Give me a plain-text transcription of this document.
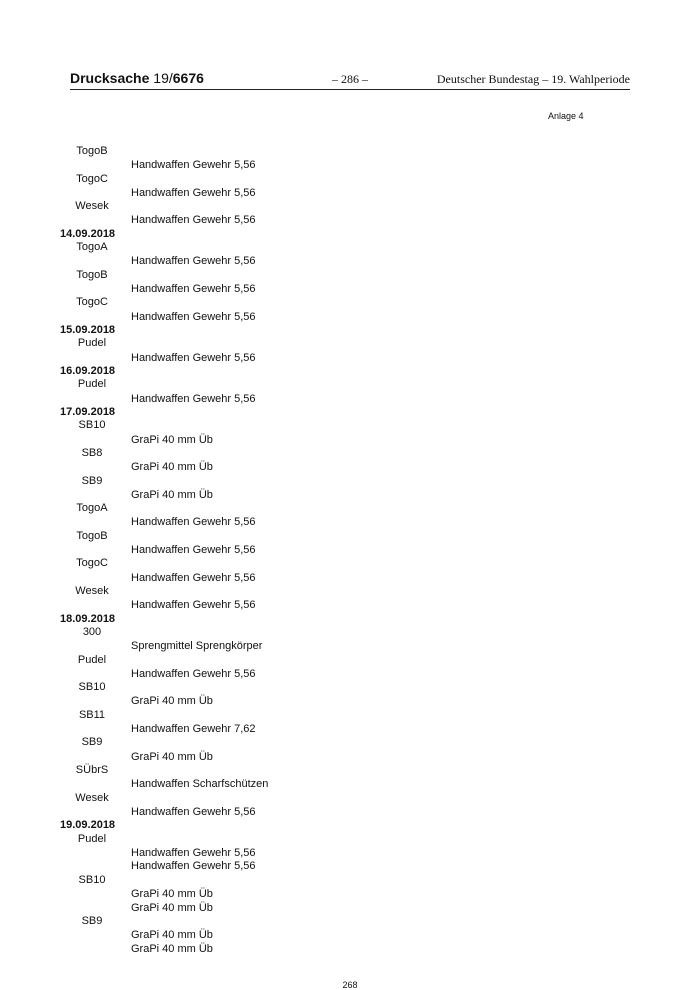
Drucksache 19/6676	– 286 –	Deutscher Bundestag – 19. Wahlperiode
Anlage 4
TogoB
Handwaffen Gewehr 5,56
TogoC
Handwaffen Gewehr 5,56
Wesek
Handwaffen Gewehr 5,56
14.09.2018
TogoA
Handwaffen Gewehr 5,56
TogoB
Handwaffen Gewehr 5,56
TogoC
Handwaffen Gewehr 5,56
15.09.2018
Pudel
Handwaffen Gewehr 5,56
16.09.2018
Pudel
Handwaffen Gewehr 5,56
17.09.2018
SB10
GraPi 40 mm Üb
SB8
GraPi 40 mm Üb
SB9
GraPi 40 mm Üb
TogoA
Handwaffen Gewehr 5,56
TogoB
Handwaffen Gewehr 5,56
TogoC
Handwaffen Gewehr 5,56
Wesek
Handwaffen Gewehr 5,56
18.09.2018
300
Sprengmittel Sprengkörper
Pudel
Handwaffen Gewehr 5,56
SB10
GraPi 40 mm Üb
SB11
Handwaffen Gewehr 7,62
SB9
GraPi 40 mm Üb
SÜbrS
Handwaffen Scharfschützen
Wesek
Handwaffen Gewehr 5,56
19.09.2018
Pudel
Handwaffen Gewehr 5,56
Handwaffen Gewehr 5,56
SB10
GraPi 40 mm Üb
GraPi 40 mm Üb
SB9
GraPi 40 mm Üb
GraPi 40 mm Üb
268
